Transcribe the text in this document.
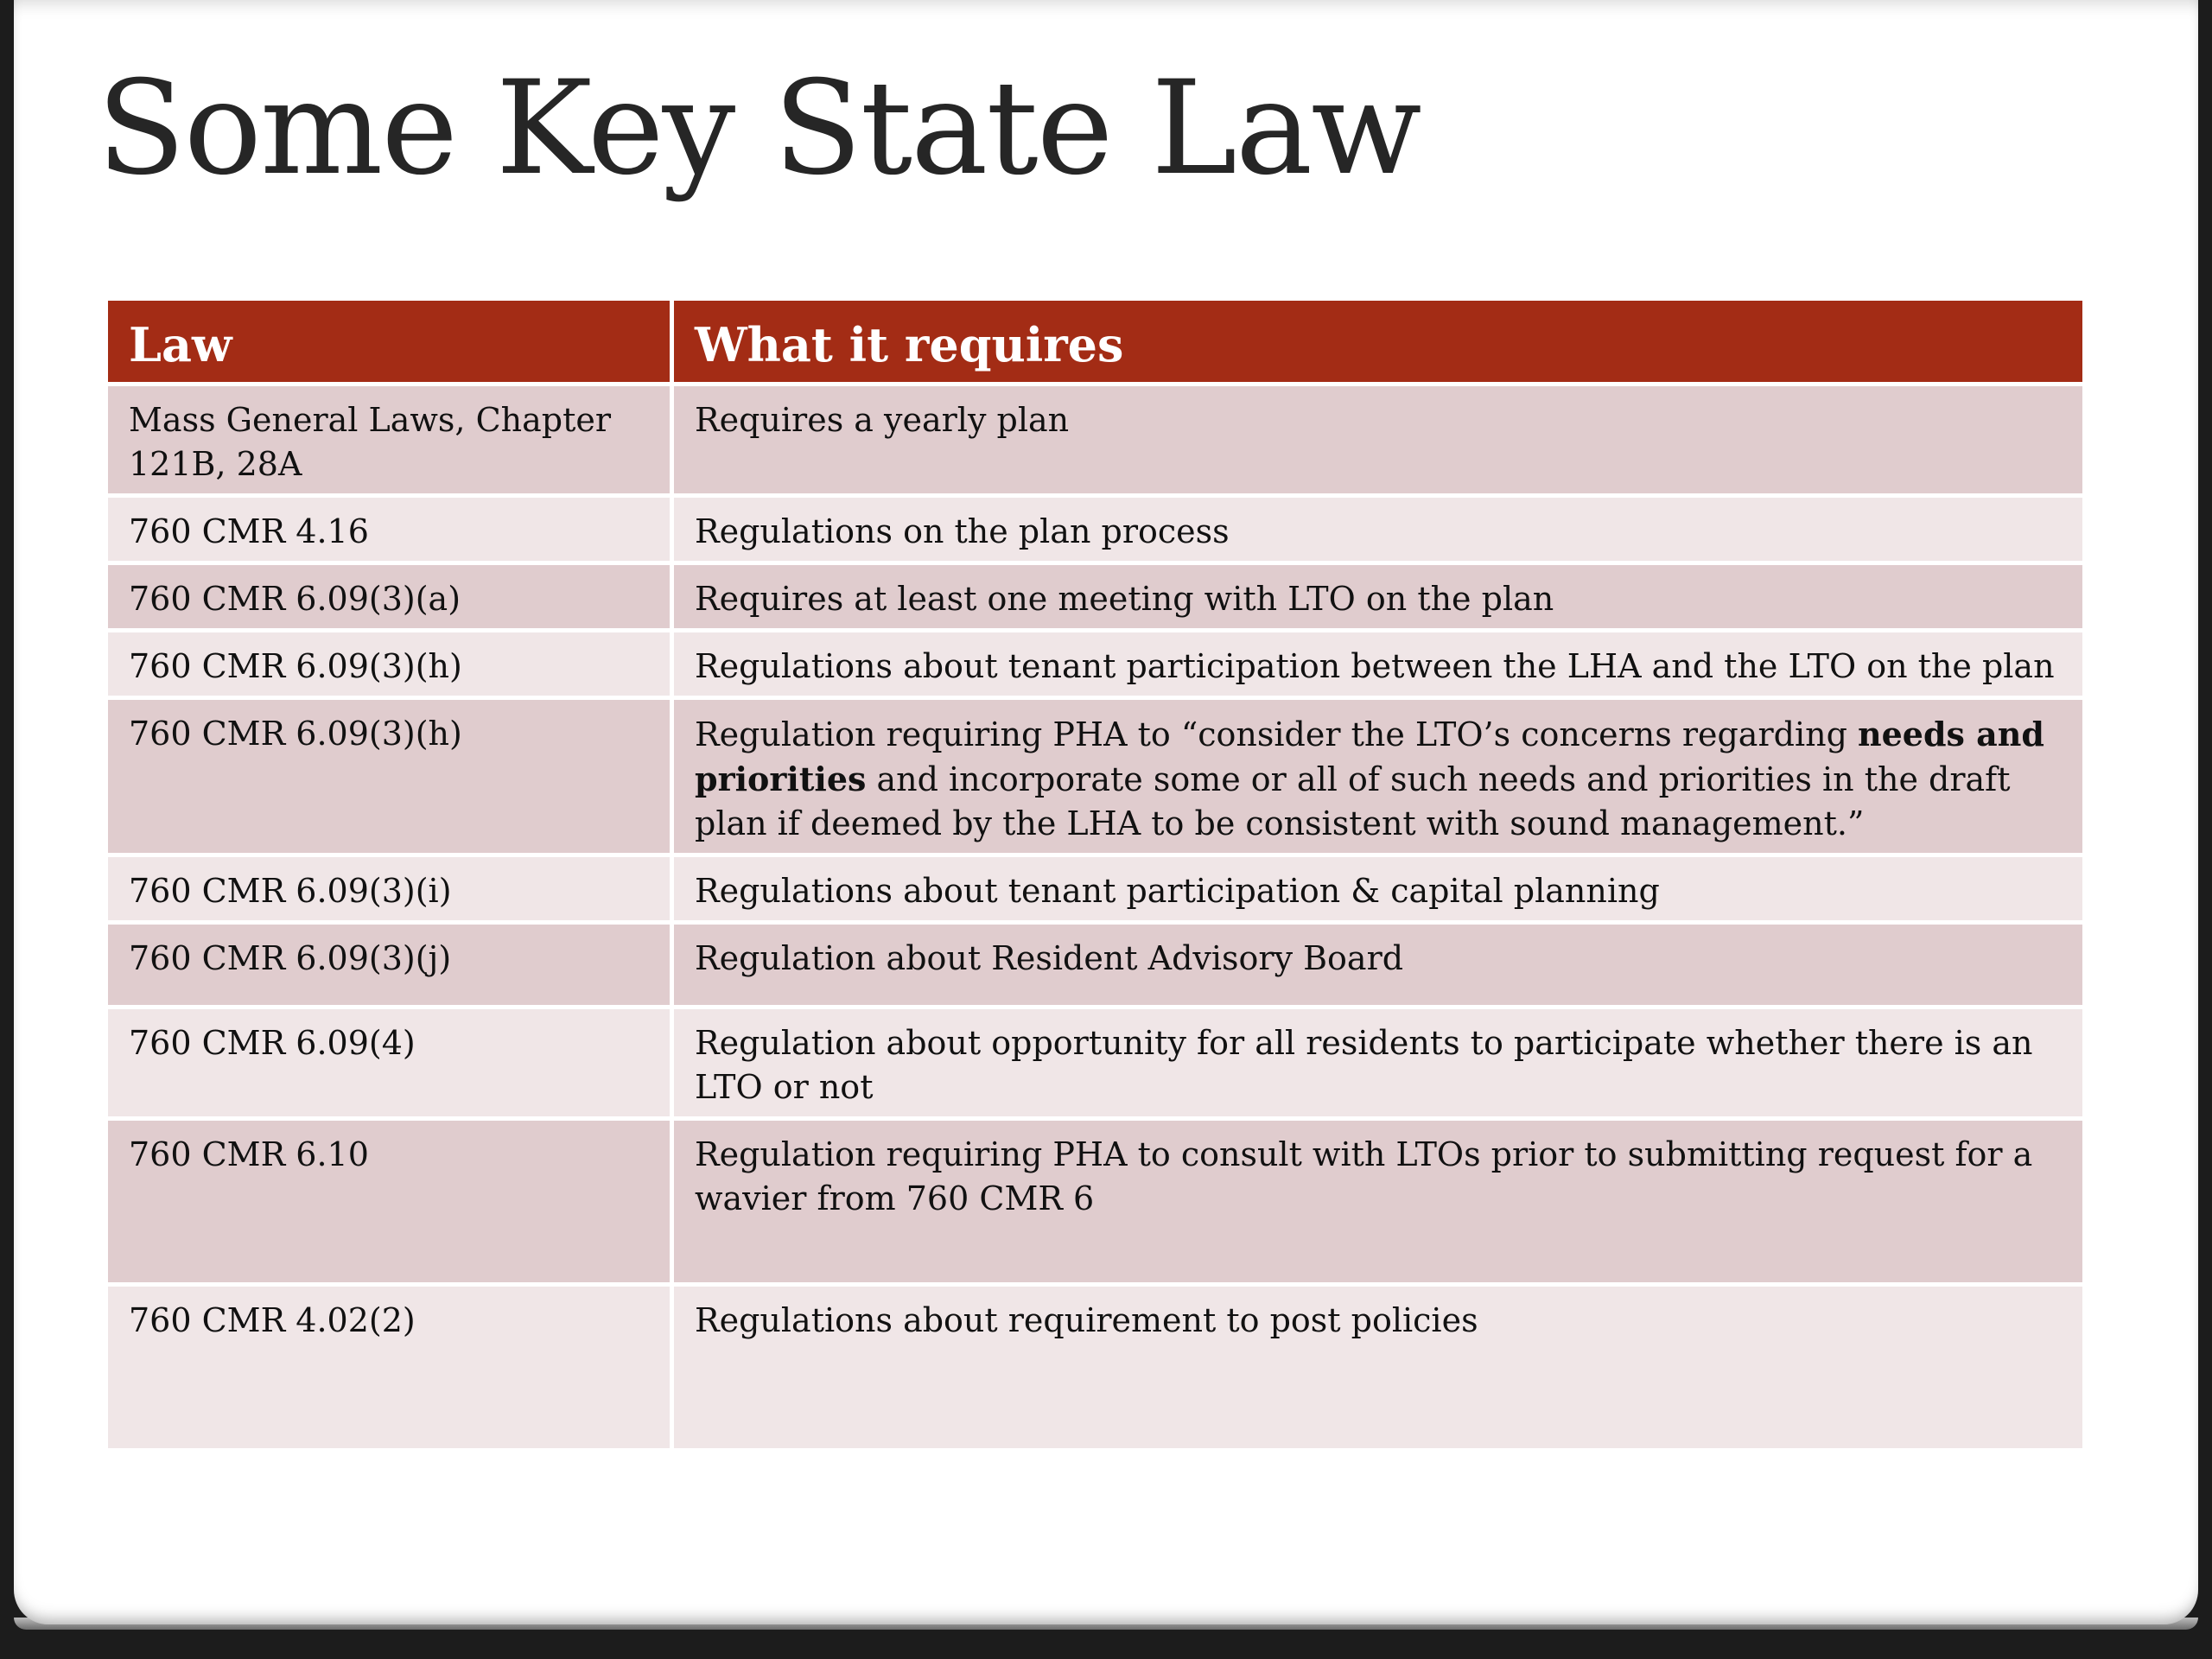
Some Key State Law
Law	What it requires
Mass General Laws, Chapter 121B, 28A	Requires a yearly plan
760 CMR 4.16	Regulations on the plan process
760 CMR 6.09(3)(a)	Requires at least one meeting with LTO on the plan
760 CMR 6.09(3)(h)	Regulations about tenant participation between the LHA and the LTO on the plan
760 CMR 6.09(3)(h)	Regulation requiring PHA to “consider the LTO’s concerns regarding needs and priorities and incorporate some or all of such needs and priorities in the draft plan if deemed by the LHA to be consistent with sound management.”
760 CMR 6.09(3)(i)	Regulations about tenant participation & capital planning
760 CMR 6.09(3)(j)	Regulation about Resident Advisory Board
760 CMR 6.09(4)	Regulation about opportunity for all residents to participate whether there is an LTO or not
760 CMR 6.10	Regulation requiring PHA to consult with LTOs prior to submitting request for a wavier from 760 CMR 6
760 CMR 4.02(2)	Regulations about requirement to post policies
